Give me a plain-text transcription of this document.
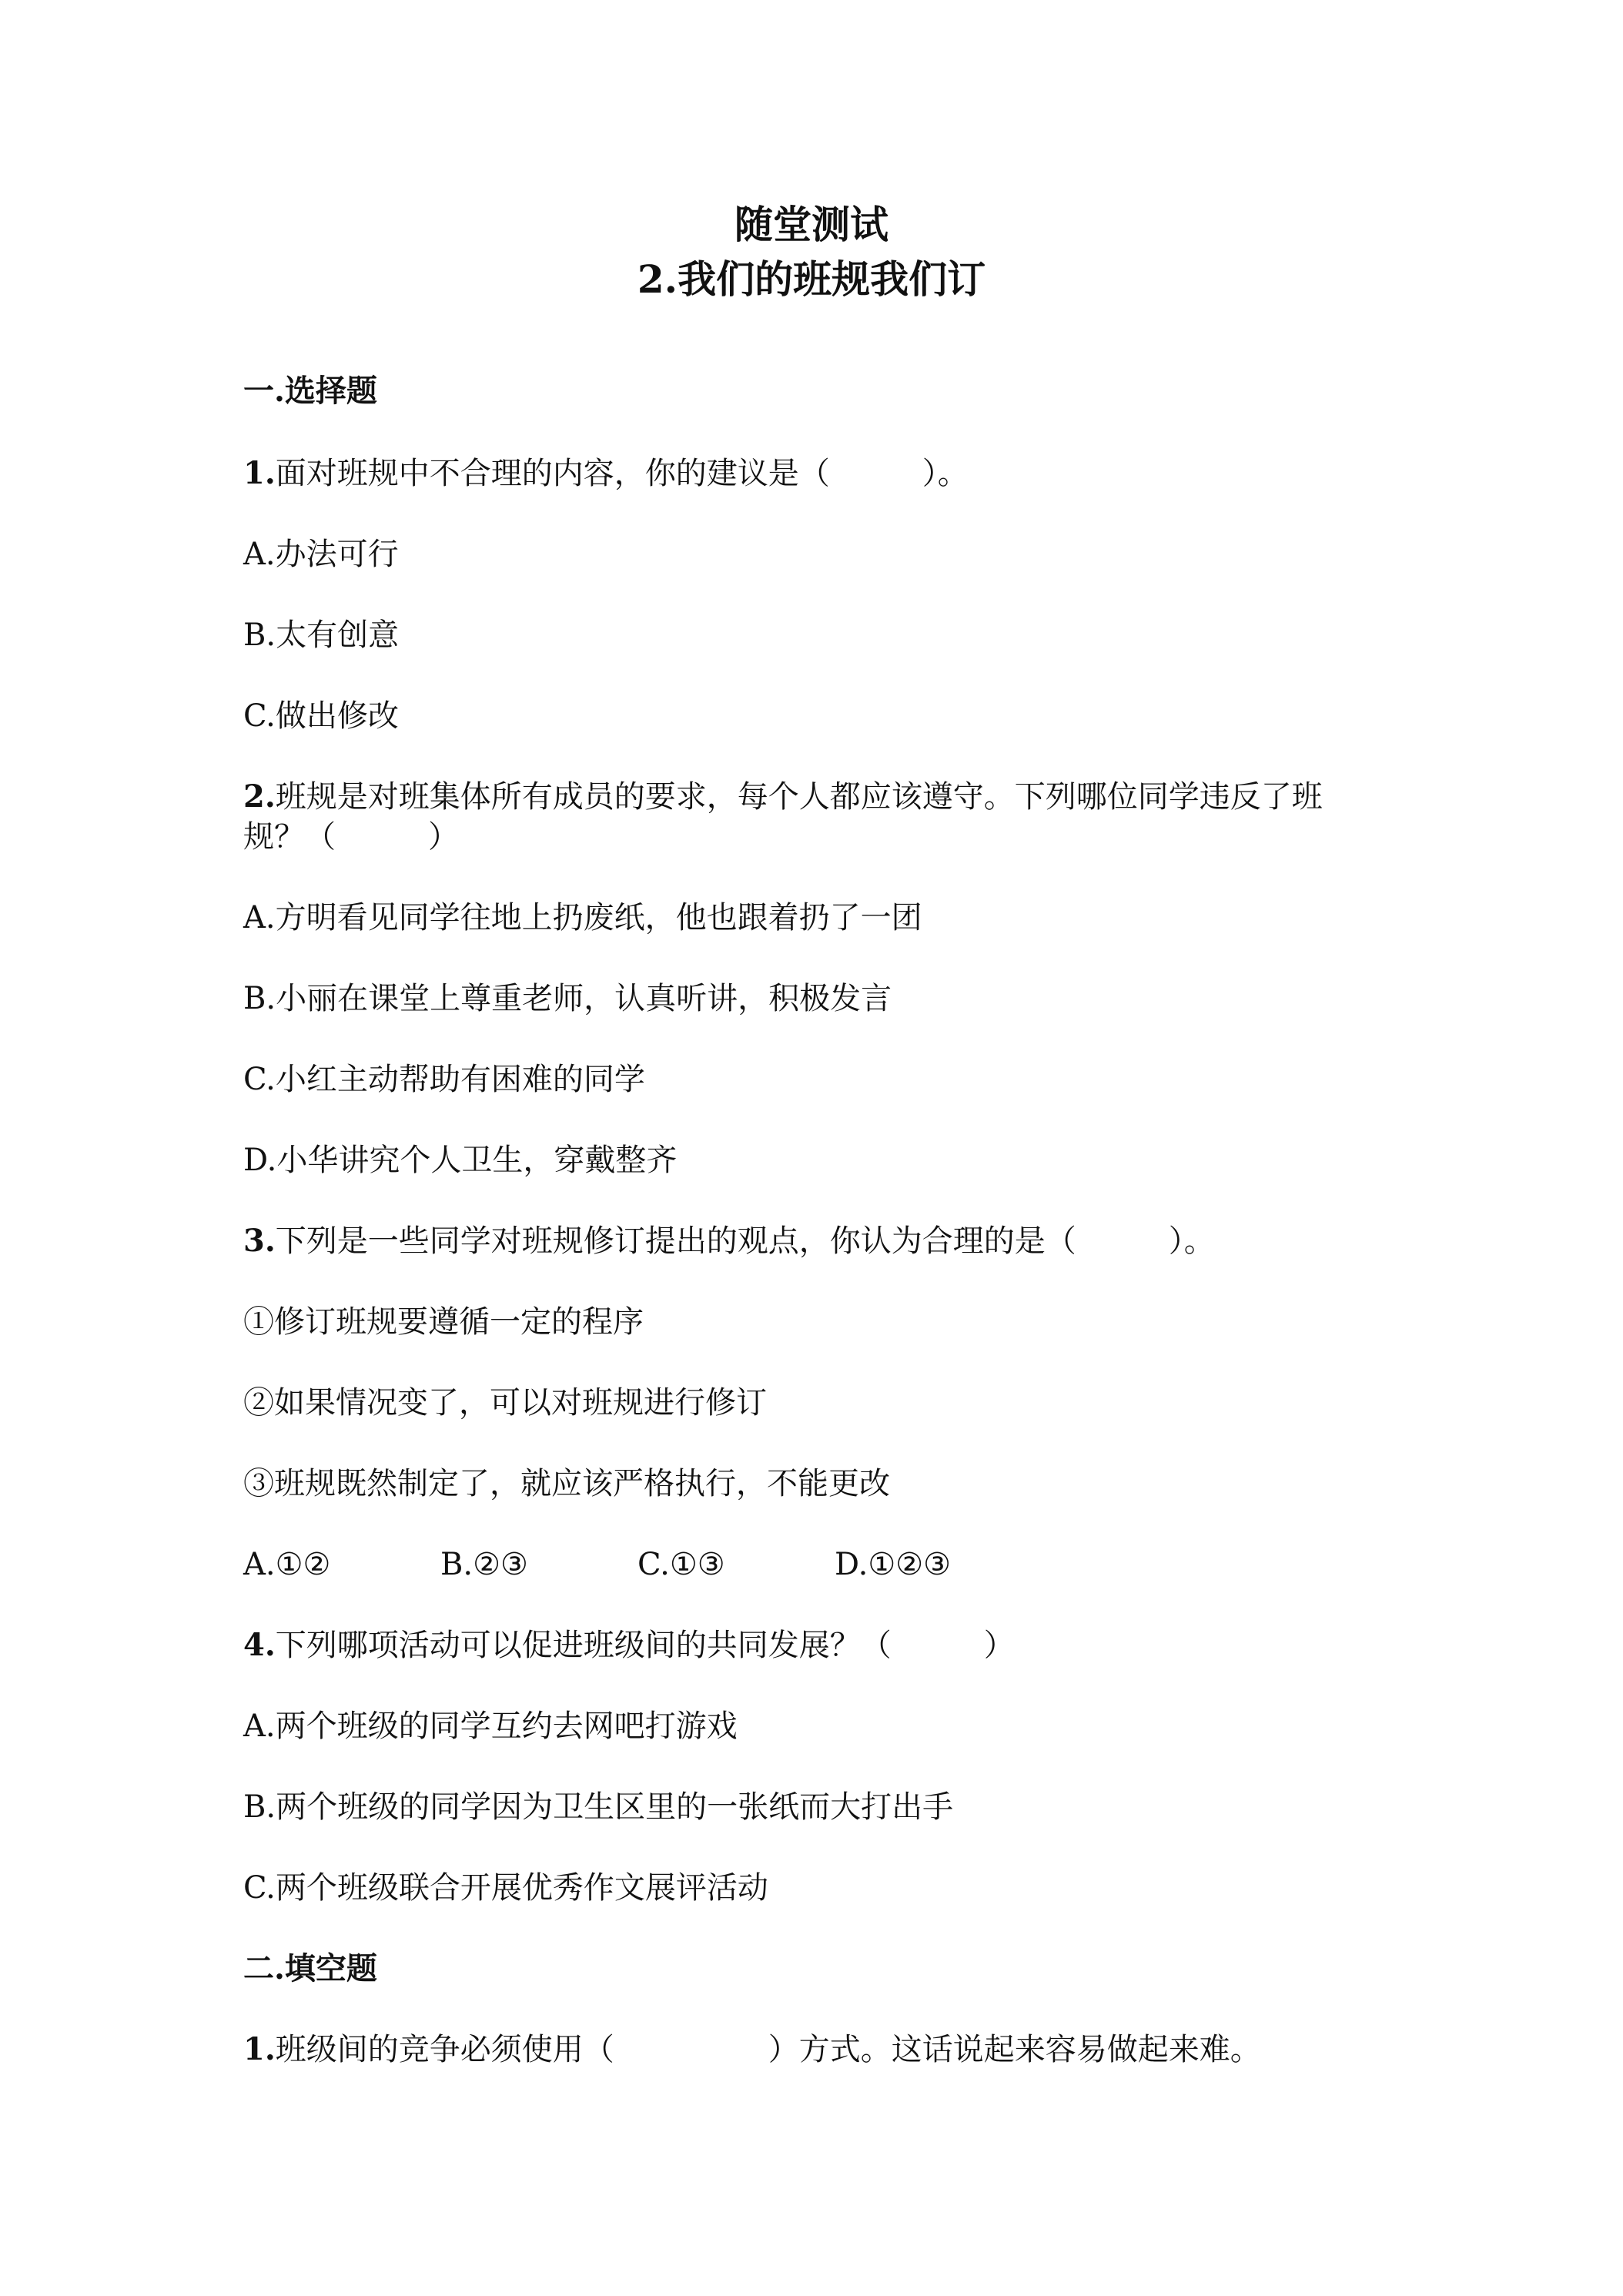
随堂测试
2.我们的班规我们订
一.选择题
1.面对班规中不合理的内容，你的建议是（　　　）。
A.办法可行
B.太有创意
C.做出修改
2.班规是对班集体所有成员的要求，每个人都应该遵守。下列哪位同学违反了班
规？（　　　）
A.方明看见同学往地上扔废纸，他也跟着扔了一团
B.小丽在课堂上尊重老师，认真听讲，积极发言
C.小红主动帮助有困难的同学
D.小华讲究个人卫生，穿戴整齐
3.下列是一些同学对班规修订提出的观点，你认为合理的是（　　　）。
①修订班规要遵循一定的程序
②如果情况变了，可以对班规进行修订
③班规既然制定了，就应该严格执行，不能更改
A.①②	B.②③	C.①③	D.①②③
4.下列哪项活动可以促进班级间的共同发展？（　　　）
A.两个班级的同学互约去网吧打游戏
B.两个班级的同学因为卫生区里的一张纸而大打出手
C.两个班级联合开展优秀作文展评活动
二.填空题
1.班级间的竞争必须使用（　　　　　）方式。这话说起来容易做起来难。
